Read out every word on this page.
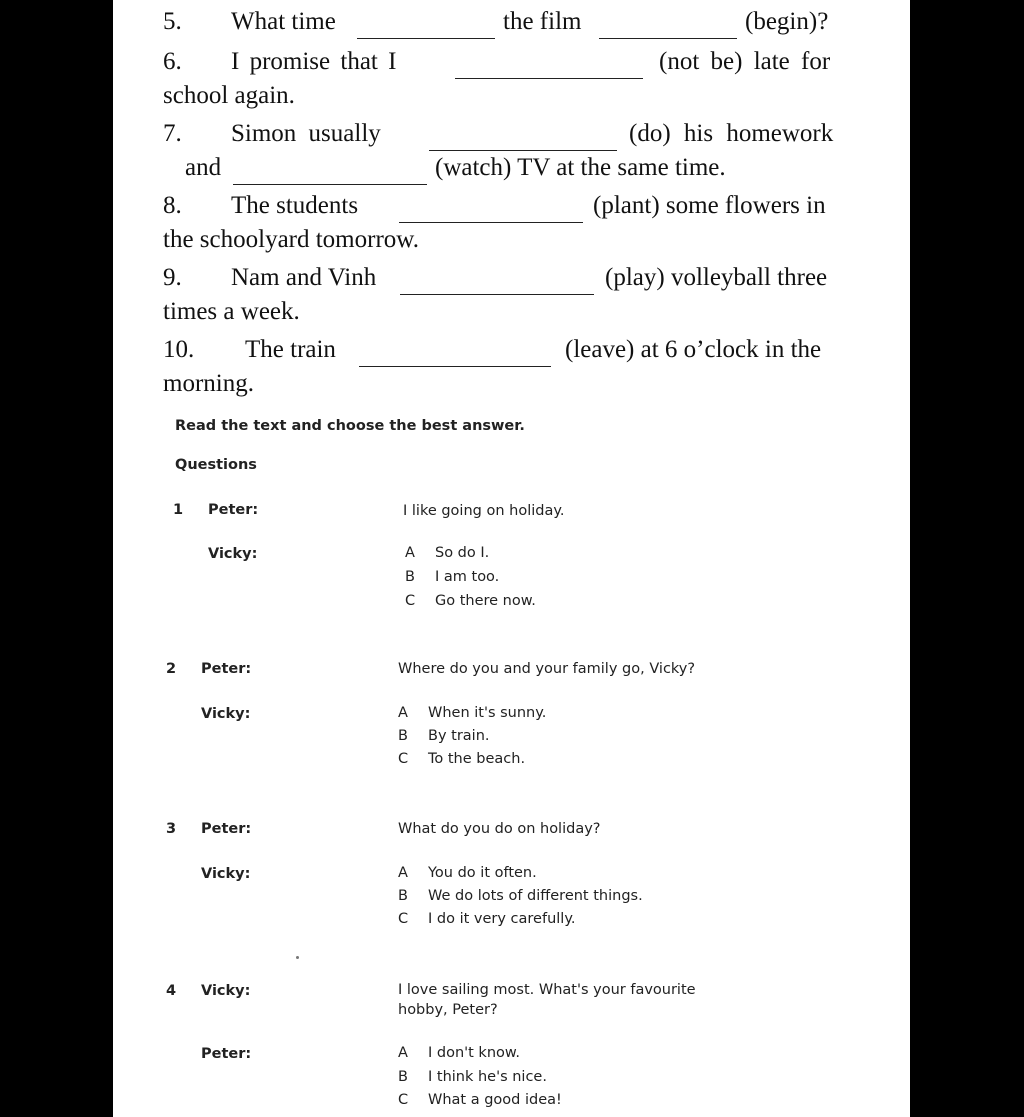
5. What time	the film	(begin)?
6. I promise that I	(not be) late for
school again.
7. Simon usually	(do) his homework
and	(watch) TV at the same time.
8. The students	(plant) some flowers in
the schoolyard tomorrow.
9. Nam and Vinh	(play) volleyball three
times a week.
10. The train	(leave) at 6 o’clock in the
morning.
Read the text and choose the best answer.
Questions
1 Peter:	I like going on holiday.
Vicky:	A So do I.
B I am too.
C Go there now.
2 Peter:	Where do you and your family go, Vicky?
Vicky:	A When it's sunny.
B By train.
C To the beach.
3 Peter:	What do you do on holiday?
Vicky:	A You do it often.
B We do lots of different things.
C I do it very carefully.
4 Vicky:	I love sailing most. What's your favourite
hobby, Peter?
Peter:	A I don't know.
B I think he's nice.
C What a good idea!
